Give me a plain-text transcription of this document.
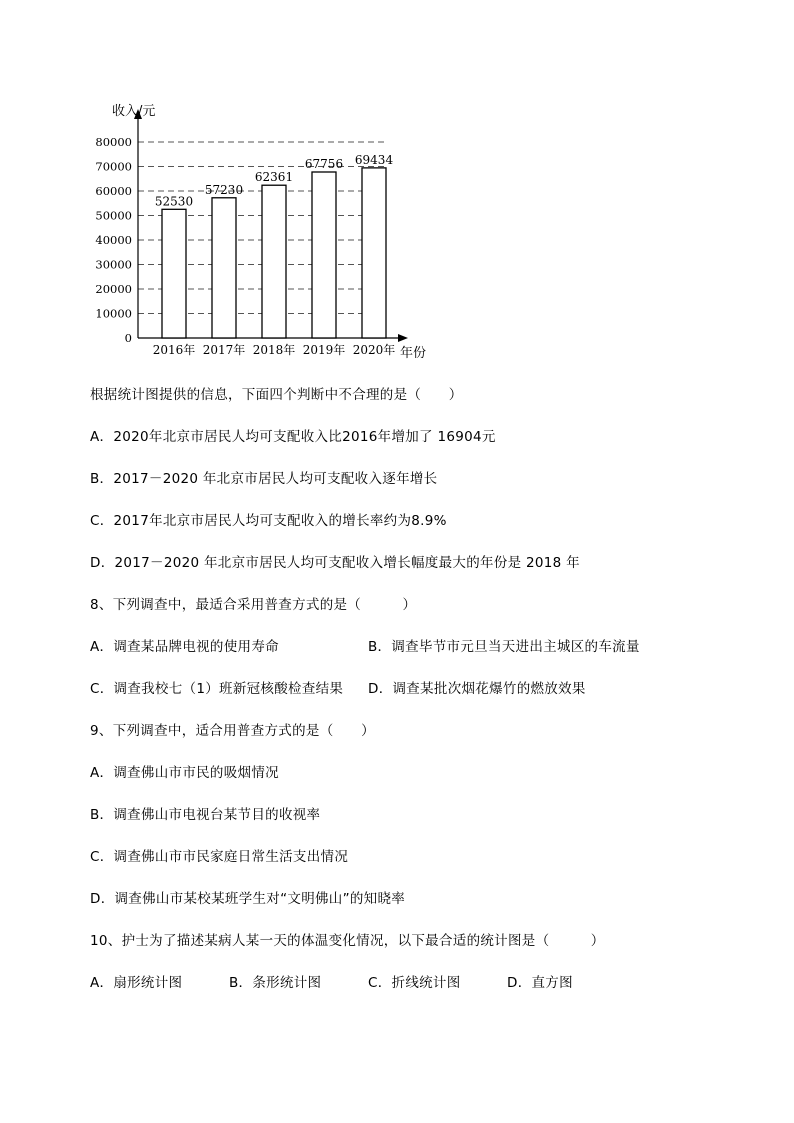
0
10000
20000
30000
40000
50000
60000
70000
80000
收入/元
年份
52530
2016年
57230
2017年
62361
2018年
67756
2019年
69434
2020年
根据统计图提供的信息，下面四个判断中不合理的是（　　）
A．2020年北京市居民人均可支配收入比2016年增加了 16904元
B．2017－2020 年北京市居民人均可支配收入逐年增长
C．2017年北京市居民人均可支配收入的增长率约为8.9%
D．2017－2020 年北京市居民人均可支配收入增长幅度最大的年份是 2018 年
8、下列调查中，最适合采用普查方式的是（　　　）
A．调查某品牌电视的使用寿命	B．调查毕节市元旦当天进出主城区的车流量
C．调查我校七（1）班新冠核酸检查结果 D．调查某批次烟花爆竹的燃放效果
9、下列调查中，适合用普查方式的是（　　）
A．调查佛山市市民的吸烟情况
B．调查佛山市电视台某节目的收视率
C．调查佛山市市民家庭日常生活支出情况
D．调查佛山市某校某班学生对“文明佛山”的知晓率
10、护士为了描述某病人某一天的体温变化情况，以下最合适的统计图是（　　　）
A．扇形统计图	B．条形统计图	C．折线统计图	D．直方图
